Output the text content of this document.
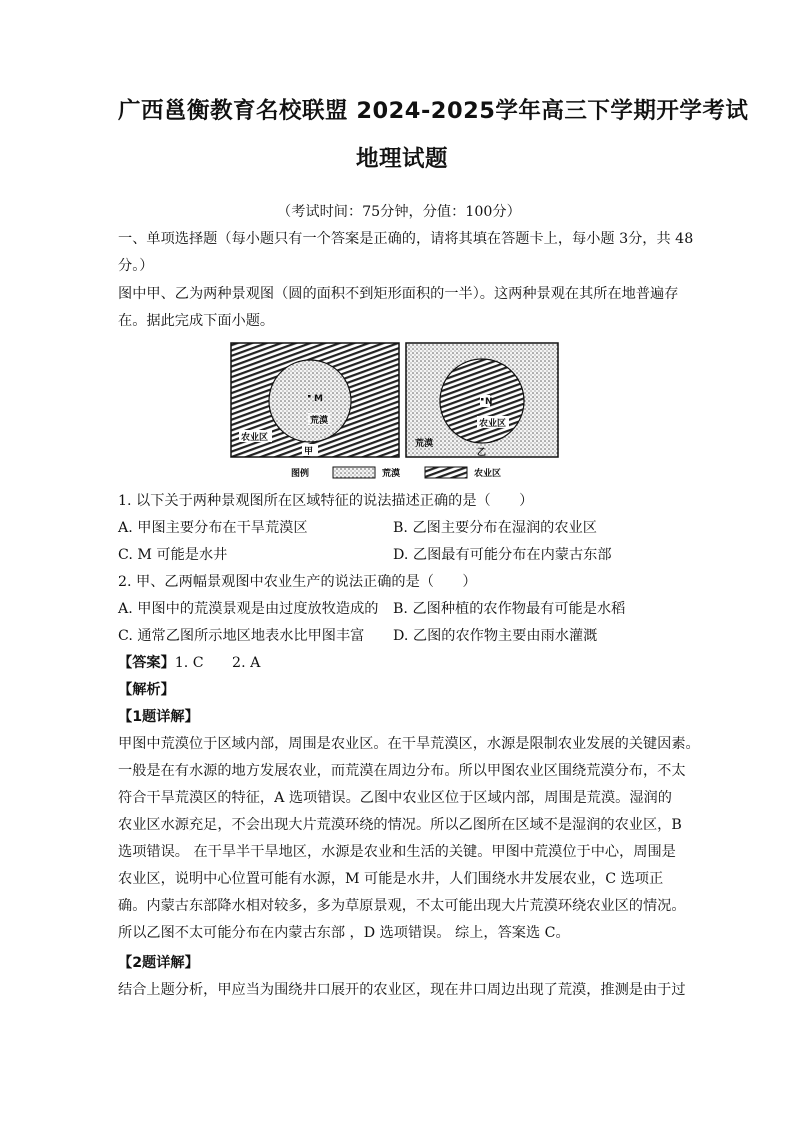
广西邕衡教育名校联盟 2024-2025学年高三下学期开学考试
地理试题
（考试时间：75分钟，分值：100分）
一、单项选择题（每小题只有一个答案是正确的，请将其填在答题卡上，每小题 3分，共 48
分。）
图中甲、乙为两种景观图（圆的面积不到矩形面积的一半）。这两种景观在其所在地普遍存
在。据此完成下面小题。
M
荒漠
农业区
甲
N
农业区
荒漠
乙
图例	荒漠	农业区
1. 以下关于两种景观图所在区域特征的说法描述正确的是（　　）
A. 甲图主要分布在干旱荒漠区	B. 乙图主要分布在湿润的农业区
C. M 可能是水井	D. 乙图最有可能分布在内蒙古东部
2. 甲、乙两幅景观图中农业生产的说法正确的是（　　）
A. 甲图中的荒漠景观是由过度放牧造成的 B. 乙图种植的农作物最有可能是水稻
C. 通常乙图所示地区地表水比甲图丰富 D. 乙图的农作物主要由雨水灌溉
【答案】1. C　　2. A
【解析】
【1题详解】
甲图中荒漠位于区域内部，周围是农业区。在干旱荒漠区，水源是限制农业发展的关键因素。
一般是在有水源的地方发展农业，而荒漠在周边分布。所以甲图农业区围绕荒漠分布，不太
符合干旱荒漠区的特征，A 选项错误。乙图中农业区位于区域内部，周围是荒漠。湿润的
农业区水源充足，不会出现大片荒漠环绕的情况。所以乙图所在区域不是湿润的农业区，B
选项错误。 在干旱半干旱地区，水源是农业和生活的关键。甲图中荒漠位于中心，周围是
农业区，说明中心位置可能有水源，M 可能是水井，人们围绕水井发展农业，C 选项正
确。内蒙古东部降水相对较多，多为草原景观，不太可能出现大片荒漠环绕农业区的情况。
所以乙图不太可能分布在内蒙古东部 ，D 选项错误。 综上，答案选 C。
【2题详解】
结合上题分析，甲应当为围绕井口展开的农业区，现在井口周边出现了荒漠，推测是由于过
